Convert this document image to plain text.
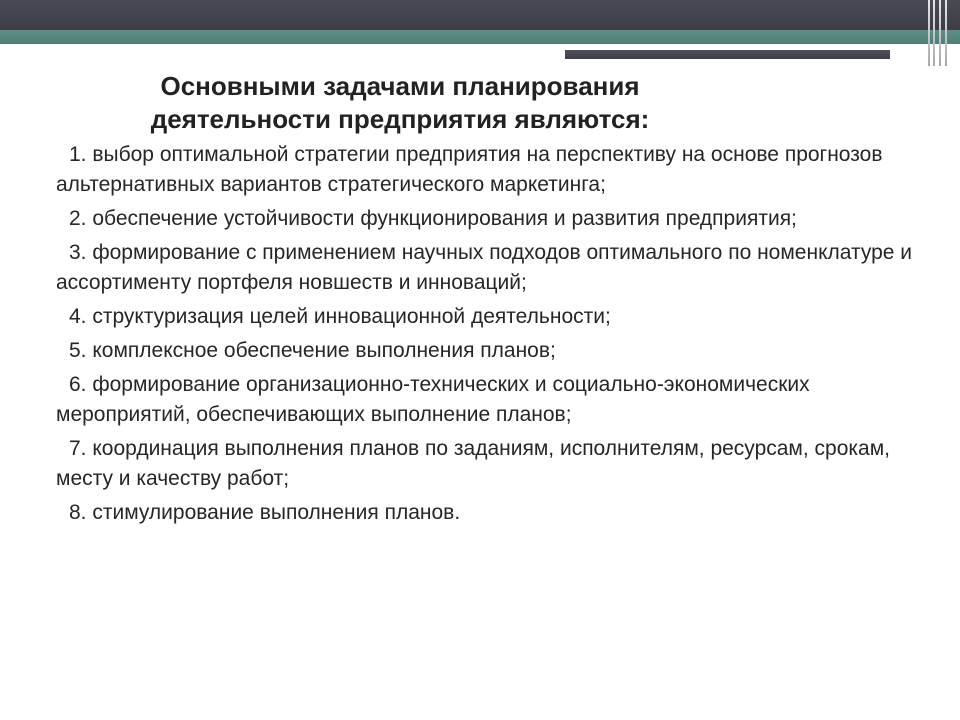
Основными задачами планирования
деятельности предприятия являются:
1. выбор оптимальной стратегии предприятия на перспективу на основе прогнозов альтернативных вариантов стратегического маркетинга;
2. обеспечение устойчивости функционирования и развития предприятия;
3. формирование с применением научных подходов оптимального по номенклатуре и ассортименту портфеля новшеств и инноваций;
4. структуризация целей инновационной деятельности;
5. комплексное обеспечение выполнения планов;
6. формирование организационно-технических и социально-экономических мероприятий, обеспечивающих выполнение планов;
7. координация выполнения планов по заданиям, исполнителям, ресурсам, срокам, месту и качеству работ;
8. стимулирование выполнения планов.
